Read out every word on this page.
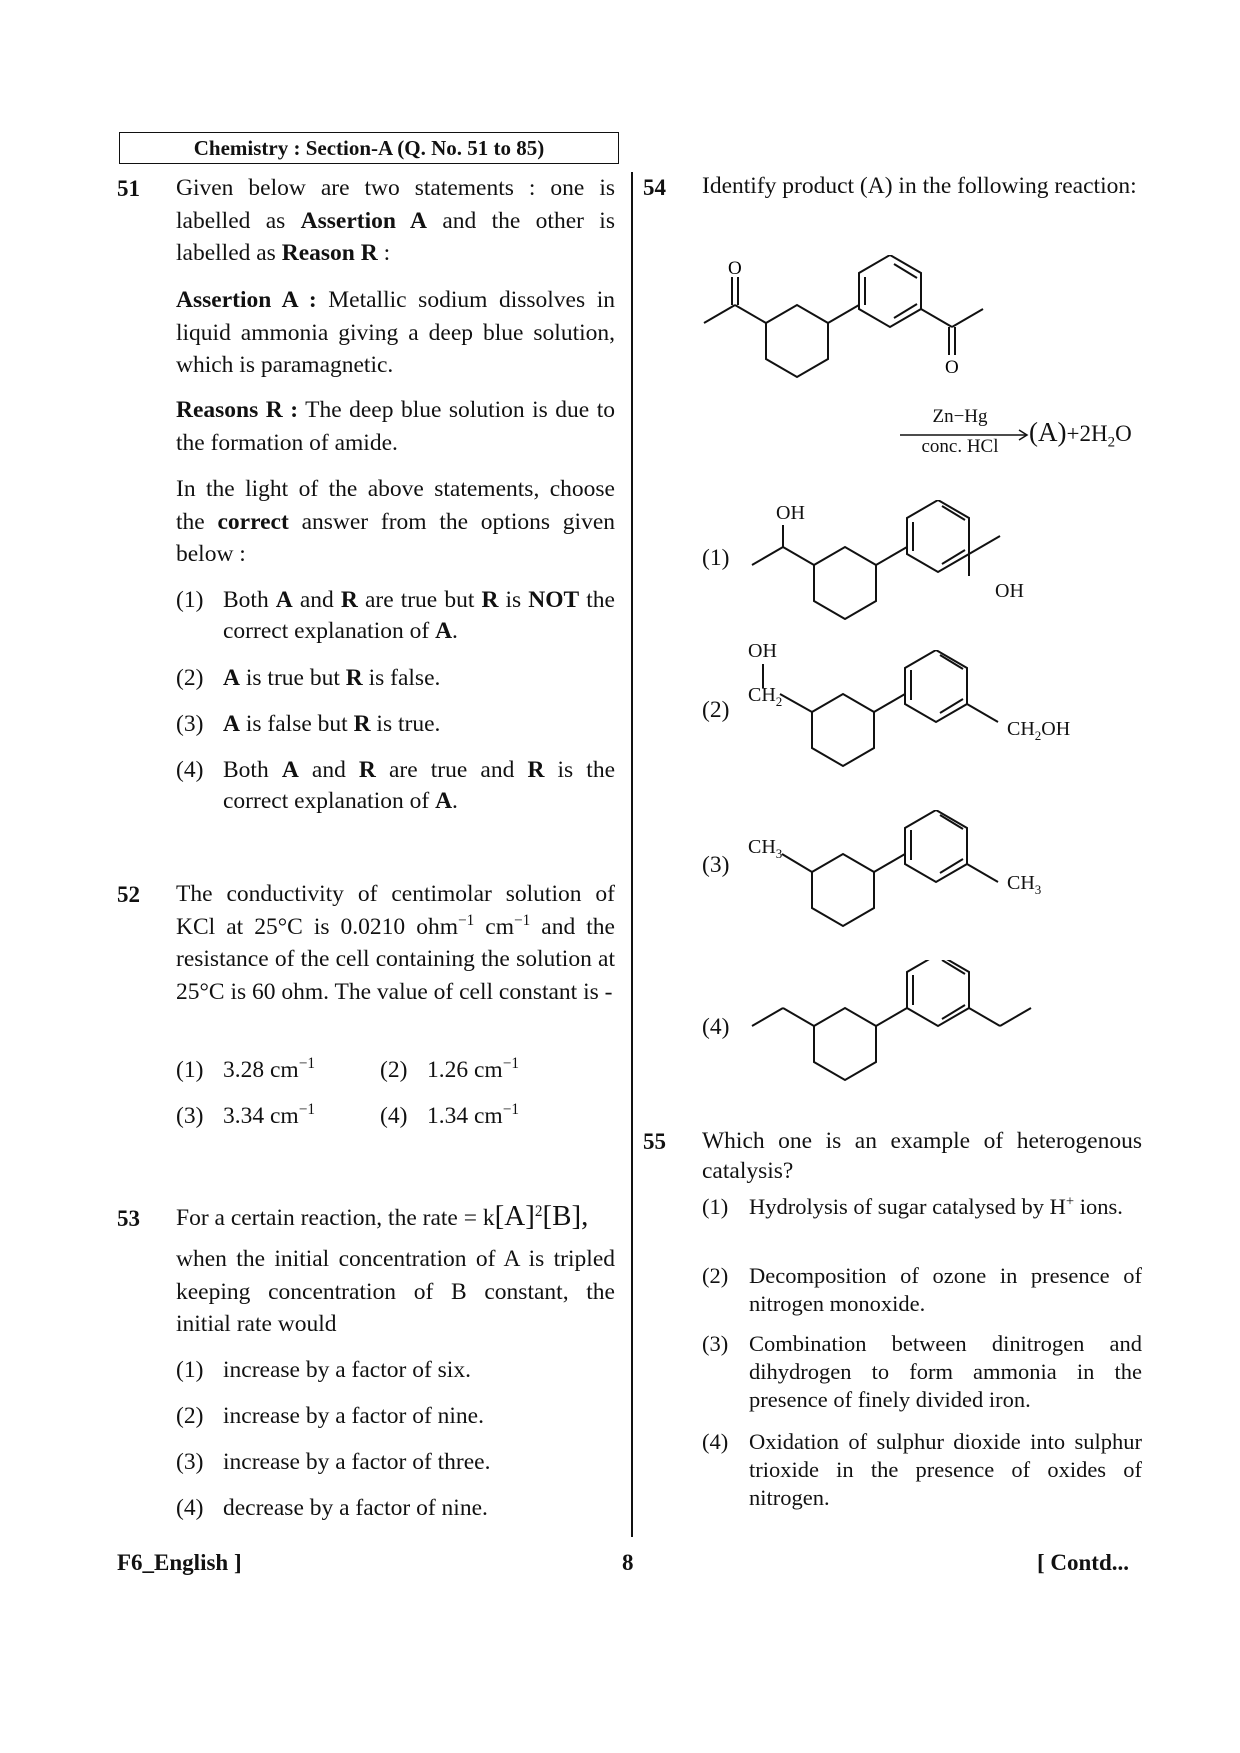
Chemistry : Section-A (Q. No. 51 to 85)
51 Given below are two statements : one is labelled as Assertion A and the other is labelled as Reason R :
Assertion A : Metallic sodium dissolves in liquid ammonia giving a deep blue solution, which is paramagnetic.
Reasons R : The deep blue solution is due to the formation of amide.
In the light of the above statements, choose the correct answer from the options given below :
(1) Both A and R are true but R is NOT the correct explanation of A.
(2) A is true but R is false.
(3) A is false but R is true.
(4) Both A and R are true and R is the correct explanation of A.
52 The conductivity of centimolar solution of KCl at 25°C is 0.0210 ohm$^{-1}$ $cm^{-1}$ and the resistance of the cell containing the solution at 25°C is 60 ohm. The value of cell constant is -
(1) 3.28 $cm^{-1}$	(2) 1.26 $cm^{-1}$
(3) 3.34 $cm^{-1}$	(4) 1.34 $cm^{-1}$
53 For a certain reaction, the rate = $k[A]^2[B]$,
when the initial concentration of A is tripled keeping concentration of B constant, the initial rate would
(1) increase by a factor of six.
(2) increase by a factor of nine.
(3) increase by a factor of three.
(4) decrease by a factor of nine.
54 Identify product (A) in the following reaction:
O
O
Zn−Hg
conc. HCl	$(A)+2H_2O$
(1)
OH
OH
(2)
OH
$CH_2$
$CH_2OH$
(3)
$CH_3$
$CH_3$
(4)
55 Which one is an example of heterogenous catalysis?
(1) Hydrolysis of sugar catalysed by H+ ions.
(2) Decomposition of ozone in presence of nitrogen monoxide.
(3) Combination between dinitrogen and dihydrogen to form ammonia in the presence of finely divided iron.
(4) Oxidation of sulphur dioxide into sulphur trioxide in the presence of oxides of nitrogen.
F6_English ]	8	[ Contd...
